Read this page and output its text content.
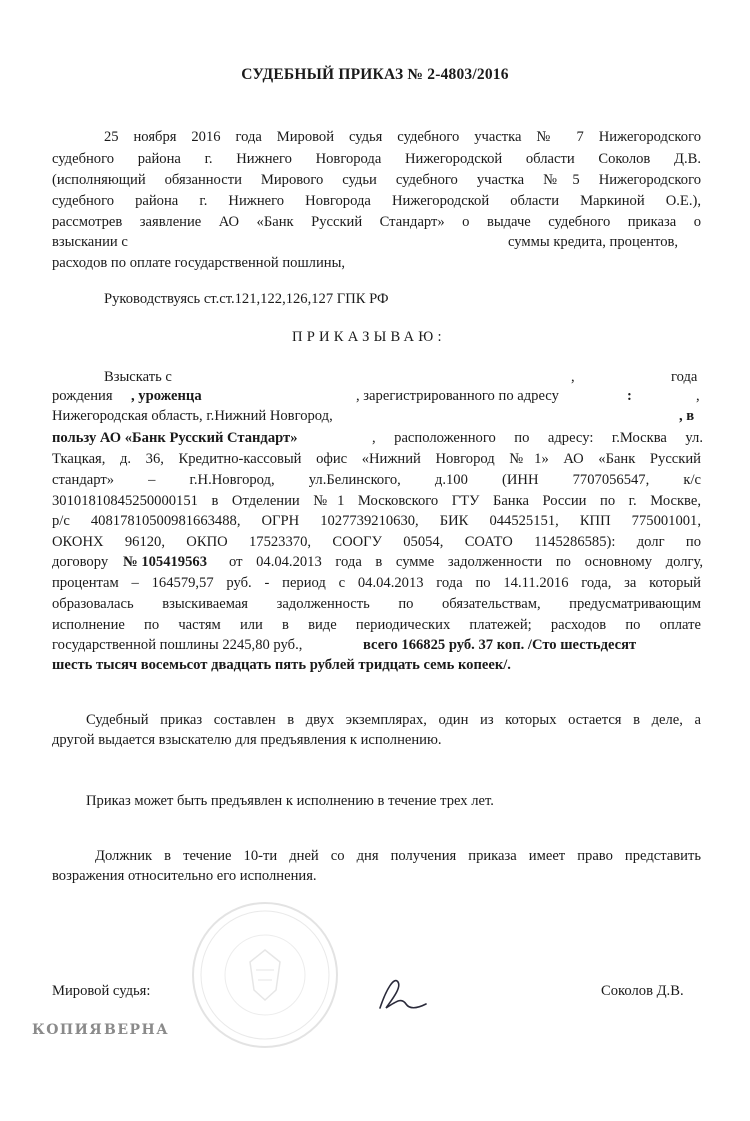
СУДЕБНЫЙ ПРИКАЗ № 2-4803/2016
25 ноября 2016 года Мировой судья судебного участка № 7 Нижегородского
судебного района г. Нижнего Новгорода Нижегородской области Соколов Д.В.
(исполняющий обязанности Мирового судьи судебного участка №5 Нижегородского
судебного района г. Нижнего Новгорода Нижегородской области Маркиной О.Е.),
рассмотрев заявление АО «Банк Русский Стандарт» о выдаче судебного приказа о
взыскании с	суммы кредита, процентов,
расходов по оплате государственной пошлины,
Руководствуясь ст.ст.121,122,126,127 ГПК РФ
ПРИКАЗЫВАЮ:
Взыскать с	,	года
рождения , уроженца	, зарегистрированного по адресу	:	,
Нижегородская область, г.Нижний Новгород,	, в
пользу АО «Банк Русский Стандарт»	, расположенного по адресу: г.Москва ул.
Ткацкая, д. 36, Кредитно-кассовый офис «Нижний Новгород №1» АО «Банк Русский
стандарт» – г.Н.Новгород, ул.Белинского, д.100 (ИНН 7707056547, к/с
30101810845250000151 в Отделении №1 Московского ГТУ Банка России по г. Москве,
р/с 40817810500981663488, ОГРН 1027739210630, БИК 044525151, КПП 775001001,
ОКОНХ 96120, ОКПО 17523370, СООГУ 05054, СОАТО 1145286585): долг по
договору № 105419563 от 04.04.2013 года в сумме задолженности по основному долгу,
процентам – 164579,57 руб. - период с 04.04.2013 года по 14.11.2016 года, за который
образовалась взыскиваемая задолженность по обязательствам, предусматривающим
исполнение по частям или в виде периодических платежей; расходов по оплате
государственной пошлины 2245,80 руб.,	всего 166825 руб. 37 коп. /Сто шестьдесят
шесть тысяч восемьсот двадцать пять рублей тридцать семь копеек/.
Судебный приказ составлен в двух экземплярах, один из которых остается в деле, а
другой выдается взыскателю для предъявления к исполнению.
Приказ может быть предъявлен к исполнению в течение трех лет.
Должник в течение 10-ти дней со дня получения приказа имеет право представить
возражения относительно его исполнения.
Мировой судья:	Соколов Д.В.
КОПИЯ ВЕРНА
